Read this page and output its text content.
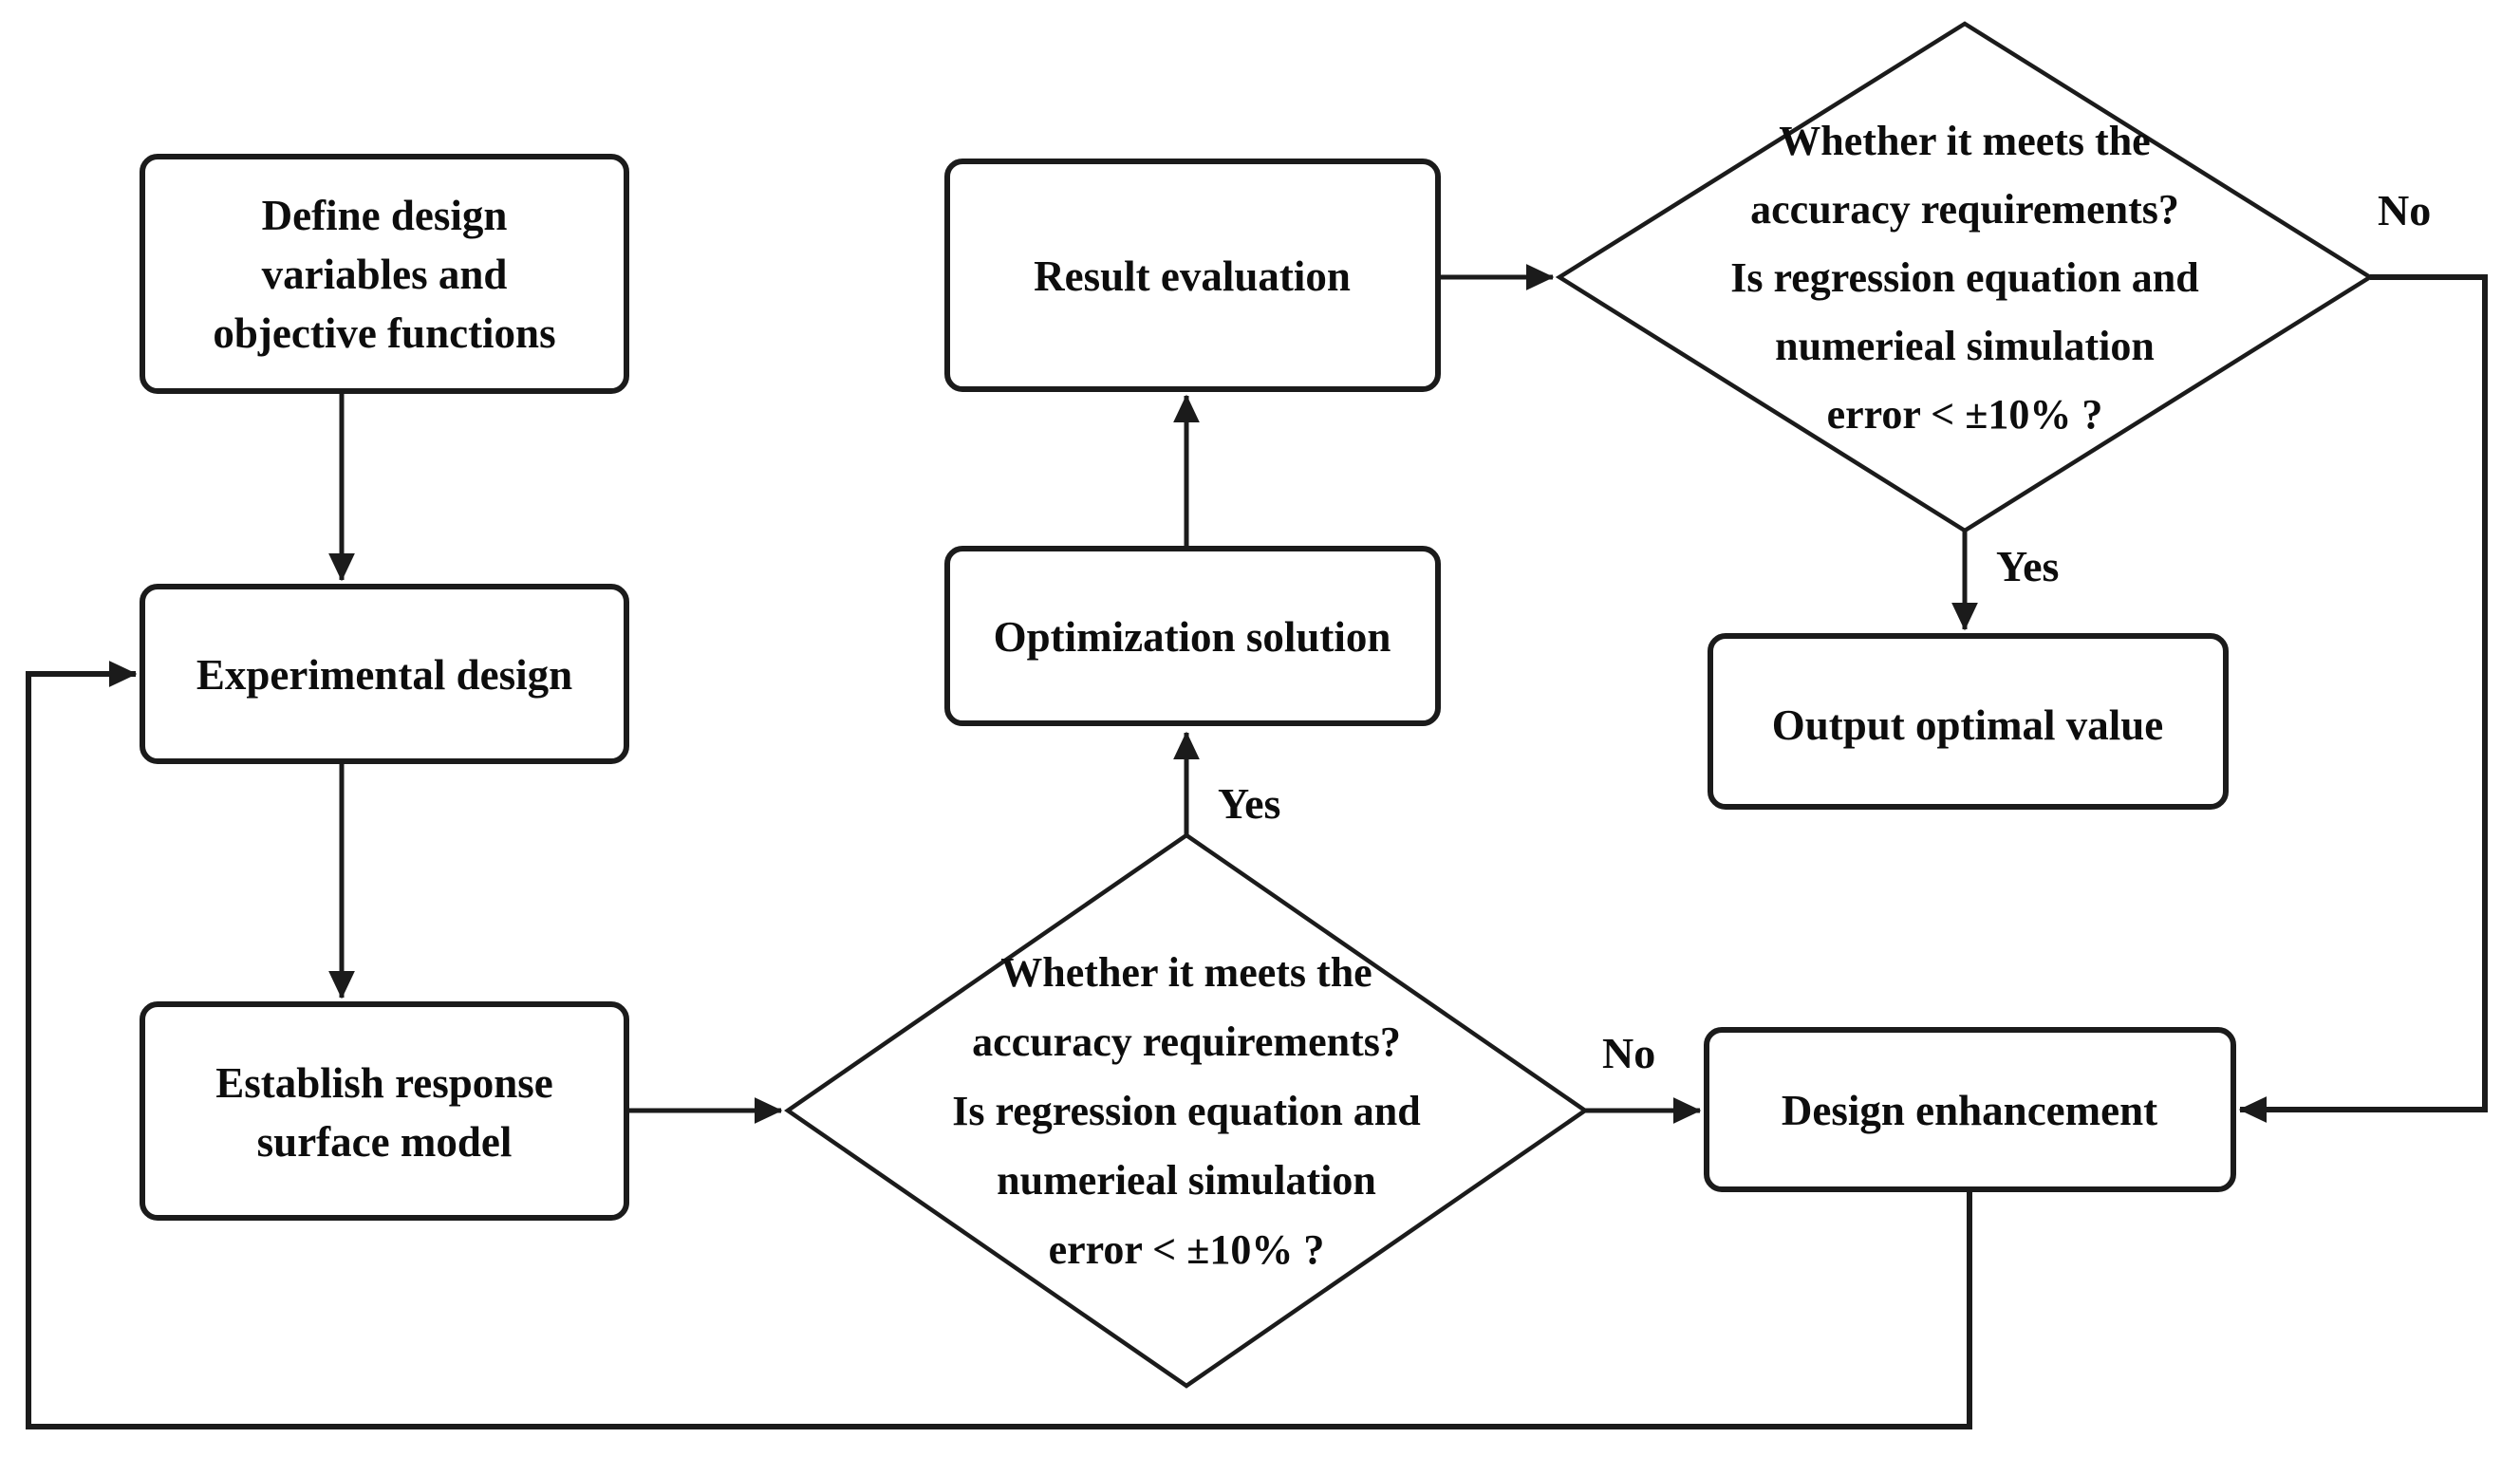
Yes
No
Yes
No
Define design
variables and
objective functions
Experimental design
Establish response
surface model
Result evaluation
Optimization solution
Output optimal value
Design enhancement
Whether it meets the
accuracy requirements?
Is regression equation and
numerieal simulation
error < ±10% ?
Whether it meets the
accuracy requirements?
Is regression equation and
numerieal simulation
error < ±10% ?
